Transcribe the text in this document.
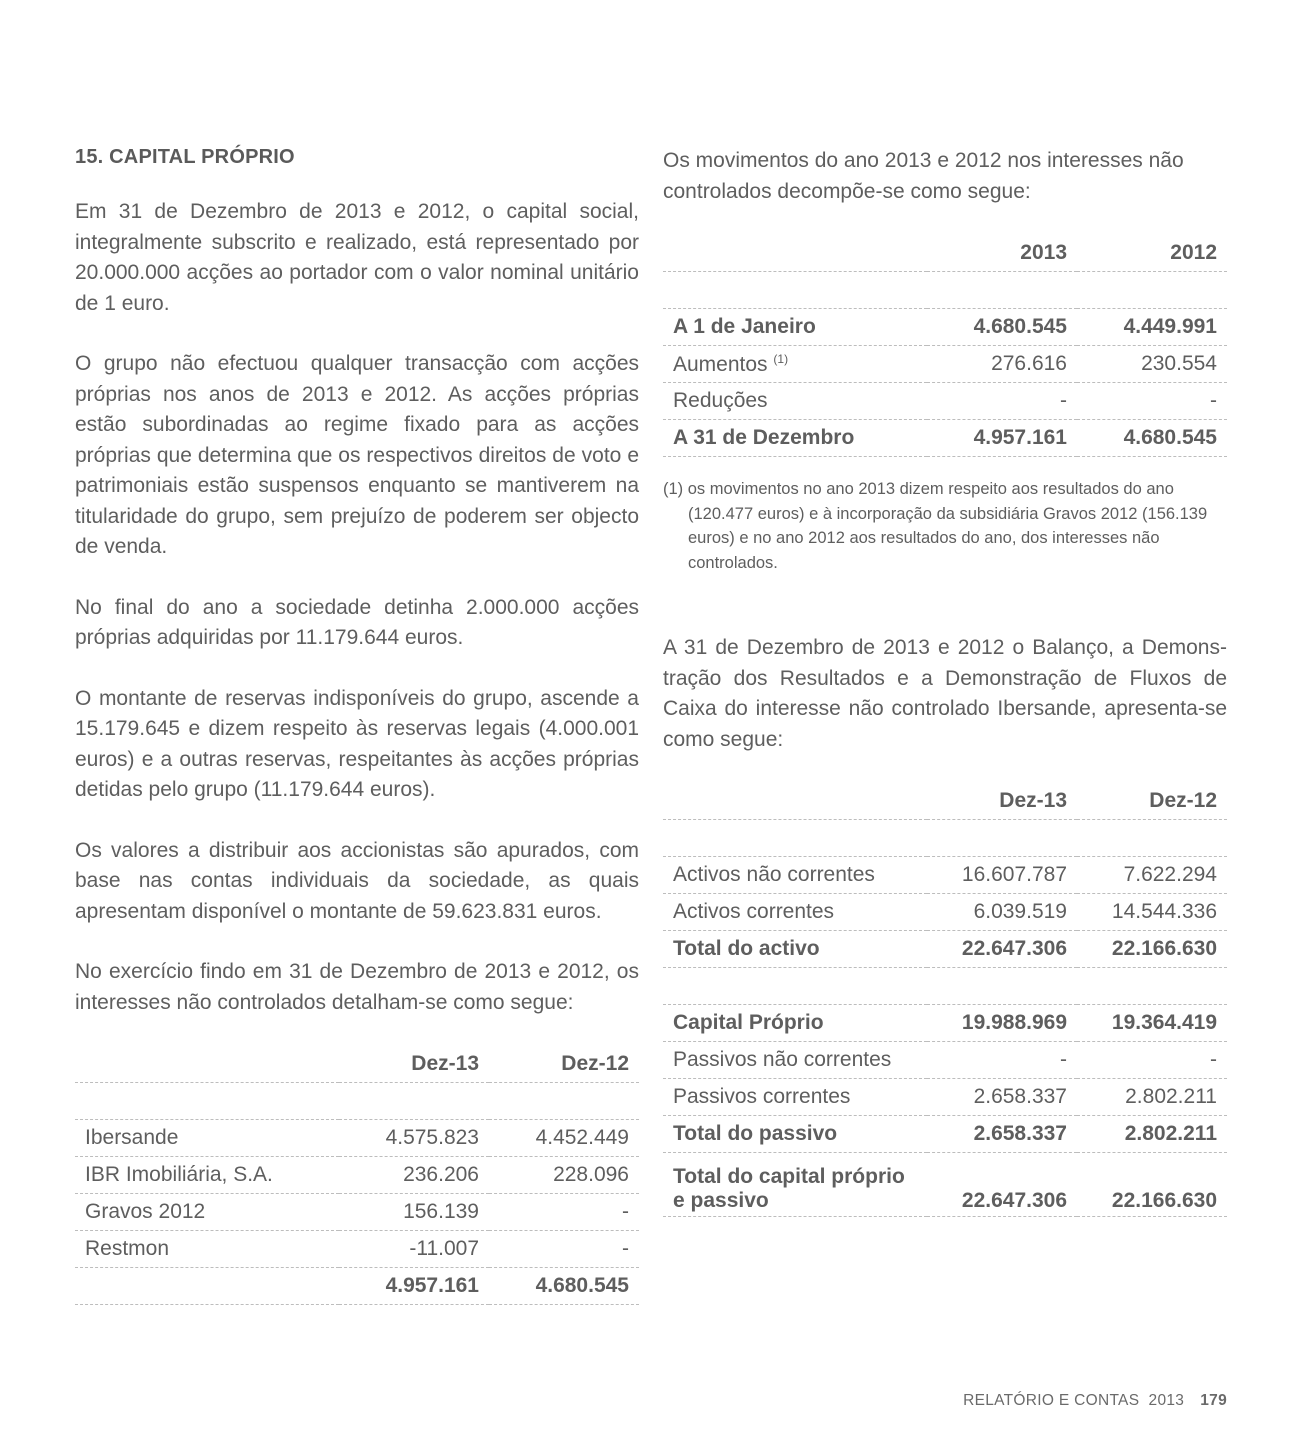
15. CAPITAL PRÓPRIO

Em 31 de Dezembro de 2013 e 2012, o capital social, integralmente subscrito e realizado, está representado por 20.000.000 acções ao portador com o valor nominal unitário de 1 euro.

O grupo não efectuou qualquer transacção com acções próprias nos anos de 2013 e 2012. As acções próprias estão subordinadas ao regime fixado para as acções próprias que determina que os respectivos direitos de voto e patrimoniais estão suspensos enquanto se mantiverem na titularidade do grupo, sem prejuízo de poderem ser objecto de venda.

No final do ano a sociedade detinha 2.000.000 acções próprias adquiridas por 11.179.644 euros.

O montante de reservas indisponíveis do grupo, ascende a 15.179.645 e dizem respeito às reservas legais (4.000.001 euros) e a outras reservas, respeitantes às acções próprias detidas pelo grupo (11.179.644 euros).

Os valores a distribuir aos accionistas são apurados, com base nas contas individuais da sociedade, as quais apresentam disponível o montante de 59.623.831 euros.

No exercício findo em 31 de Dezembro de 2013 e 2012, os interesses não controlados detalham-se como segue:

	Dez-13	Dez-12

Ibersande	4.575.823	4.452.449
IBR Imobiliária, S.A.	236.206	228.096
Gravos 2012	156.139	-
Restmon	-11.007	-
	4.957.161	4.680.545

Os movimentos do ano 2013 e 2012 nos interesses não controlados decompõe-se como segue:

	2013	2012

A 1 de Janeiro	4.680.545	4.449.991
Aumentos $^{(1)}$	276.616	230.554
Reduções	-	-
A 31 de Dezembro	4.957.161	4.680.545
(1) os movimentos no ano 2013 dizem respeito aos resultados do ano (120.477 euros) e à incorporação da subsidiária Gravos 2012 (156.139 euros) e no ano 2012 aos resultados do ano, dos interesses não controlados.

A 31 de Dezembro de 2013 e 2012 o Balanço, a Demonstração dos Resultados e a Demonstração de Fluxos de Caixa do interesse não controlado Ibersande, apresenta-se como segue:

	Dez-13	Dez-12

Activos não correntes	16.607.787	7.622.294
Activos correntes	6.039.519	14.544.336
Total do activo	22.647.306	22.166.630

Capital Próprio	19.988.969	19.364.419
Passivos não correntes	-	-
Passivos correntes	2.658.337	2.802.211
Total do passivo	2.658.337	2.802.211
Total do capital próprio e passivo	22.647.306	22.166.630
RELATÓRIO E CONTAS  2013 179
